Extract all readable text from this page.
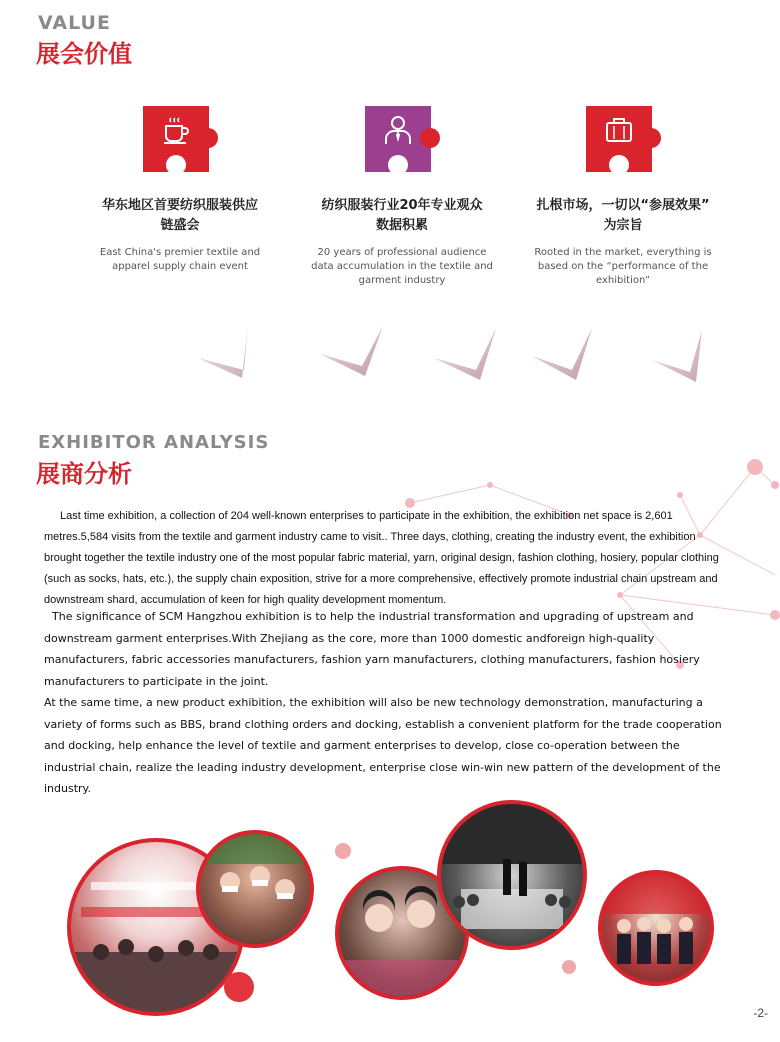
VALUE
展会价值
华东地区首要纺织服装供应
链盛会
East China's premier textile and
apparel supply chain event
纺织服装行业20年专业观众
数据积累
20 years of professional audience
data accumulation in the textile and
garment industry
扎根市场，一切以“参展效果”
为宗旨
Rooted in the market, everything is
based on the “performance of the
exhibition”
EXHIBITOR ANALYSIS
展商分析
Last time exhibition, a collection of 204 well-known enterprises to participate in the exhibition, the exhibition net space is 2,601 metres.5,584 visits from the textile and garment industry came to visit.. Three days, clothing, creating the industry event, the exhibition brought together the textile industry one of the most popular fabric material, yarn, original design, fashion clothing, hosiery, popular clothing (such as socks, hats, etc.), the supply chain exposition, strive for a more comprehensive, effectively promote industrial chain upstream and downstream shard, accumulation of keen for high quality development momentum.
The significance of SCM Hangzhou exhibition is to help the industrial transformation and upgrading of upstream and downstream garment enterprises.With Zhejiang as the core, more than 1000 domestic andforeign high-quality manufacturers, fabric accessories manufacturers, fashion yarn manufacturers, clothing manufacturers, fashion hosiery manufacturers to participate in the joint.
At the same time, a new product exhibition, the exhibition will also be new technology demonstration, manufacturing a variety of forms such as BBS, brand clothing orders and docking, establish a convenient platform for the trade cooperation and docking, help enhance the level of textile and garment enterprises to develop, close co-operation between the industrial chain, realize the leading industry development, enterprise close win-win new pattern of the development of the industry.
-2-
